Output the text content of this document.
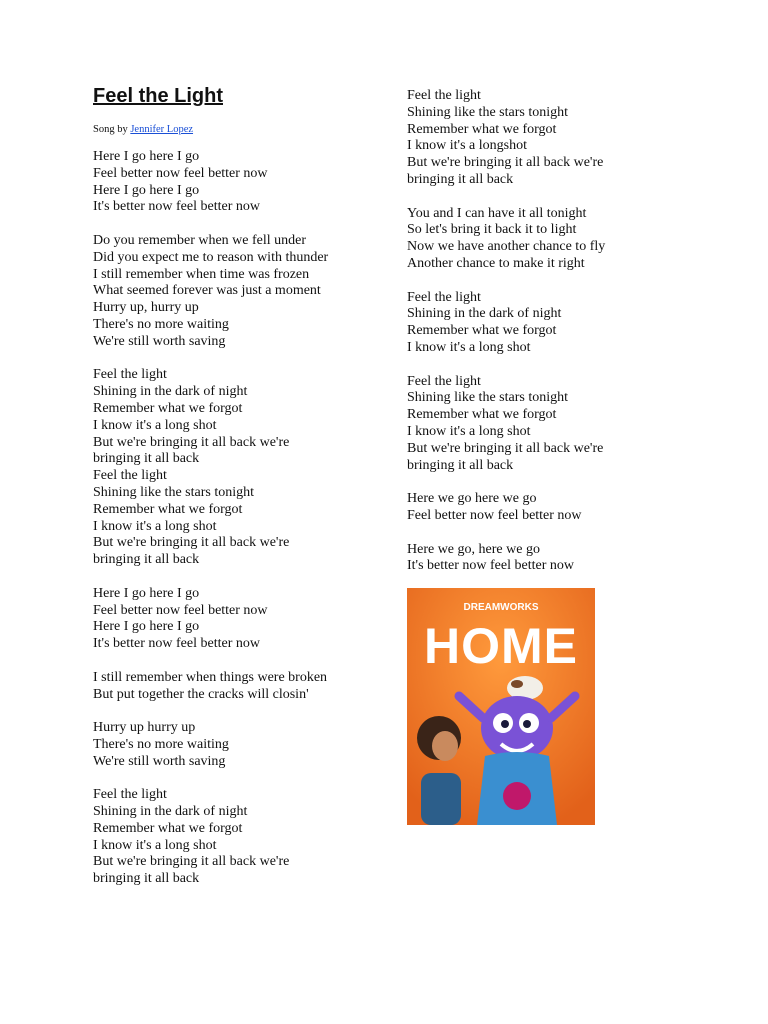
Feel the Light
Song by Jennifer Lopez
Here I go here I go
Feel better now feel better now
Here I go here I go
It's better now feel better now
Do you remember when we fell under
Did you expect me to reason with thunder
I still remember when time was frozen
What seemed forever was just a moment
Hurry up, hurry up
There's no more waiting
We're still worth saving
Feel the light
Shining in the dark of night
Remember what we forgot
I know it's a long shot
But we're bringing it all back we're
bringing it all back
Feel the light
Shining like the stars tonight
Remember what we forgot
I know it's a long shot
But we're bringing it all back we're
bringing it all back
Here I go here I go
Feel better now feel better now
Here I go here I go
It's better now feel better now
I still remember when things were broken
But put together the cracks will closin'
Hurry up hurry up
There's no more waiting
We're still worth saving
Feel the light
Shining in the dark of night
Remember what we forgot
I know it's a long shot
But we're bringing it all back we're
bringing it all back
Feel the light
Shining like the stars tonight
Remember what we forgot
I know it's a longshot
But we're bringing it all back we're
bringing it all back
You and I can have it all tonight
So let's bring it back it to light
Now we have another chance to fly
Another chance to make it right
Feel the light
Shining in the dark of night
Remember what we forgot
I know it's a long shot
Feel the light
Shining like the stars tonight
Remember what we forgot
I know it's a long shot
But we're bringing it all back we're
bringing it all back
Here we go here we go
Feel better now feel better now
Here we go, here we go
It's better now feel better now
DREAMWORKS
HOME
